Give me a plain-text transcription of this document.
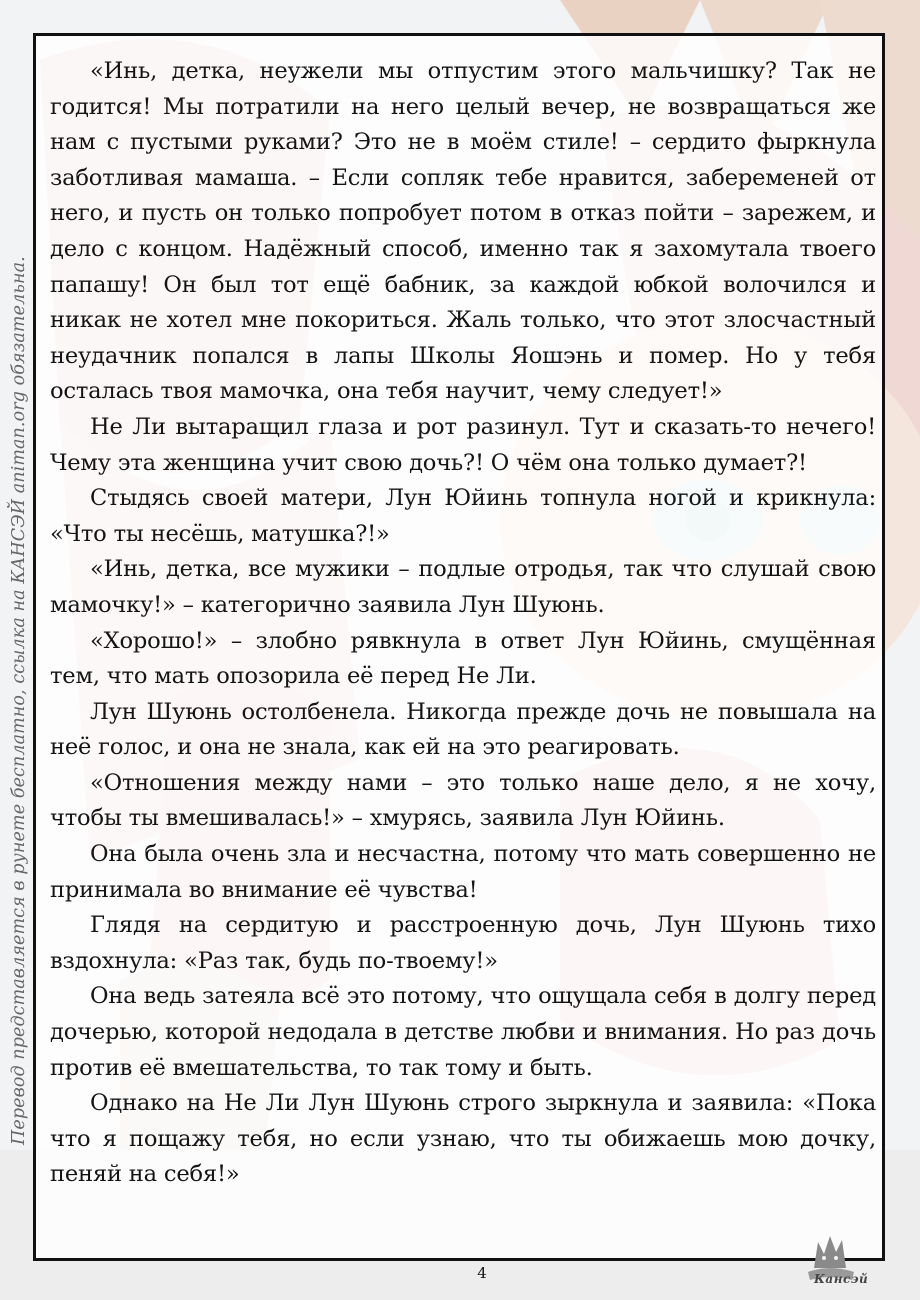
Перевод представляется в рунете бесплатно, ссылка на КАНСЭЙ animan.org обязательна.

«Инь, детка, неужели мы отпустим этого мальчишку? Так не годится! Мы потратили на него целый вечер, не возвращаться же нам с пустыми руками? Это не в моём стиле! – сердито фыркнула заботливая мамаша. – Если сопляк тебе нравится, забеременей от него, и пусть он только попробует потом в отказ пойти – зарежем, и дело с концом. Надёжный способ, именно так я захомутала твоего папашу! Он был тот ещё бабник, за каждой юбкой волочился и никак не хотел мне покориться. Жаль только, что этот злосчастный неудачник попался в лапы Школы Яошэнь и помер. Но у тебя осталась твоя мамочка, она тебя научит, чему следует!»

Не Ли вытаращил глаза и рот разинул. Тут и сказать-то нечего! Чему эта женщина учит свою дочь?! О чём она только думает?!

Стыдясь своей матери, Лун Юйинь топнула ногой и крикнула: «Что ты несёшь, матушка?!»

«Инь, детка, все мужики – подлые отродья, так что слушай свою мамочку!» – категорично заявила Лун Шуюнь.

«Хорошо!» – злобно рявкнула в ответ Лун Юйинь, смущённая тем, что мать опозорила её перед Не Ли.

Лун Шуюнь остолбенела. Никогда прежде дочь не повышала на неё голос, и она не знала, как ей на это реагировать.

«Отношения между нами – это только наше дело, я не хочу, чтобы ты вмешивалась!» – хмурясь, заявила Лун Юйинь.

Она была очень зла и несчастна, потому что мать совершенно не принимала во внимание её чувства!

Глядя на сердитую и расстроенную дочь, Лун Шуюнь тихо вздохнула: «Раз так, будь по-твоему!»

Она ведь затеяла всё это потому, что ощущала себя в долгу перед дочерью, которой недодала в детстве любви и внимания. Но раз дочь против её вмешательства, то так тому и быть.

Однако на Не Ли Лун Шуюнь строго зыркнула и заявила: «Пока что я пощажу тебя, но если узнаю, что ты обижаешь мою дочку, пеняй на себя!»

4	Кансэй
